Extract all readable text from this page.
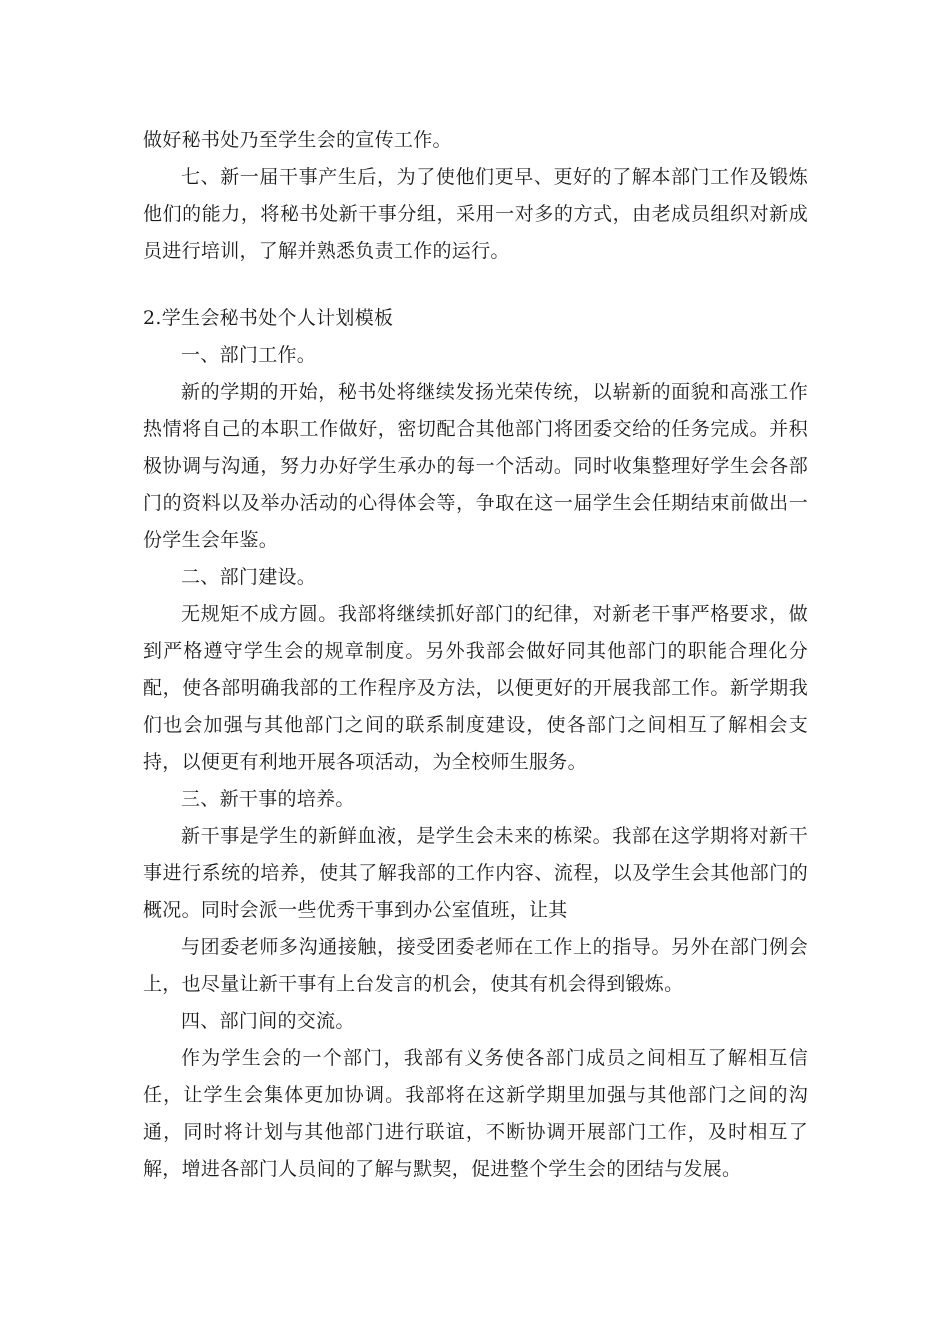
做好秘书处乃至学生会的宣传工作。

七、新一届干事产生后，为了使他们更早、更好的了解本部门工作及锻炼他们的能力，将秘书处新干事分组，采用一对多的方式，由老成员组织对新成员进行培训，了解并熟悉负责工作的运行。

2.学生会秘书处个人计划模板

一、部门工作。

新的学期的开始，秘书处将继续发扬光荣传统，以崭新的面貌和高涨工作热情将自己的本职工作做好，密切配合其他部门将团委交给的任务完成。并积极协调与沟通，努力办好学生承办的每一个活动。同时收集整理好学生会各部门的资料以及举办活动的心得体会等，争取在这一届学生会任期结束前做出一份学生会年鉴。

二、部门建设。

无规矩不成方圆。我部将继续抓好部门的纪律，对新老干事严格要求，做到严格遵守学生会的规章制度。另外我部会做好同其他部门的职能合理化分配，使各部明确我部的工作程序及方法，以便更好的开展我部工作。新学期我们也会加强与其他部门之间的联系制度建设，使各部门之间相互了解相会支持，以便更有利地开展各项活动，为全校师生服务。

三、新干事的培养。

新干事是学生的新鲜血液，是学生会未来的栋梁。我部在这学期将对新干事进行系统的培养，使其了解我部的工作内容、流程，以及学生会其他部门的概况。同时会派一些优秀干事到办公室值班，让其

与团委老师多沟通接触，接受团委老师在工作上的指导。另外在部门例会上，也尽量让新干事有上台发言的机会，使其有机会得到锻炼。

四、部门间的交流。

作为学生会的一个部门，我部有义务使各部门成员之间相互了解相互信任，让学生会集体更加协调。我部将在这新学期里加强与其他部门之间的沟通，同时将计划与其他部门进行联谊，不断协调开展部门工作，及时相互了解，增进各部门人员间的了解与默契，促进整个学生会的团结与发展。
